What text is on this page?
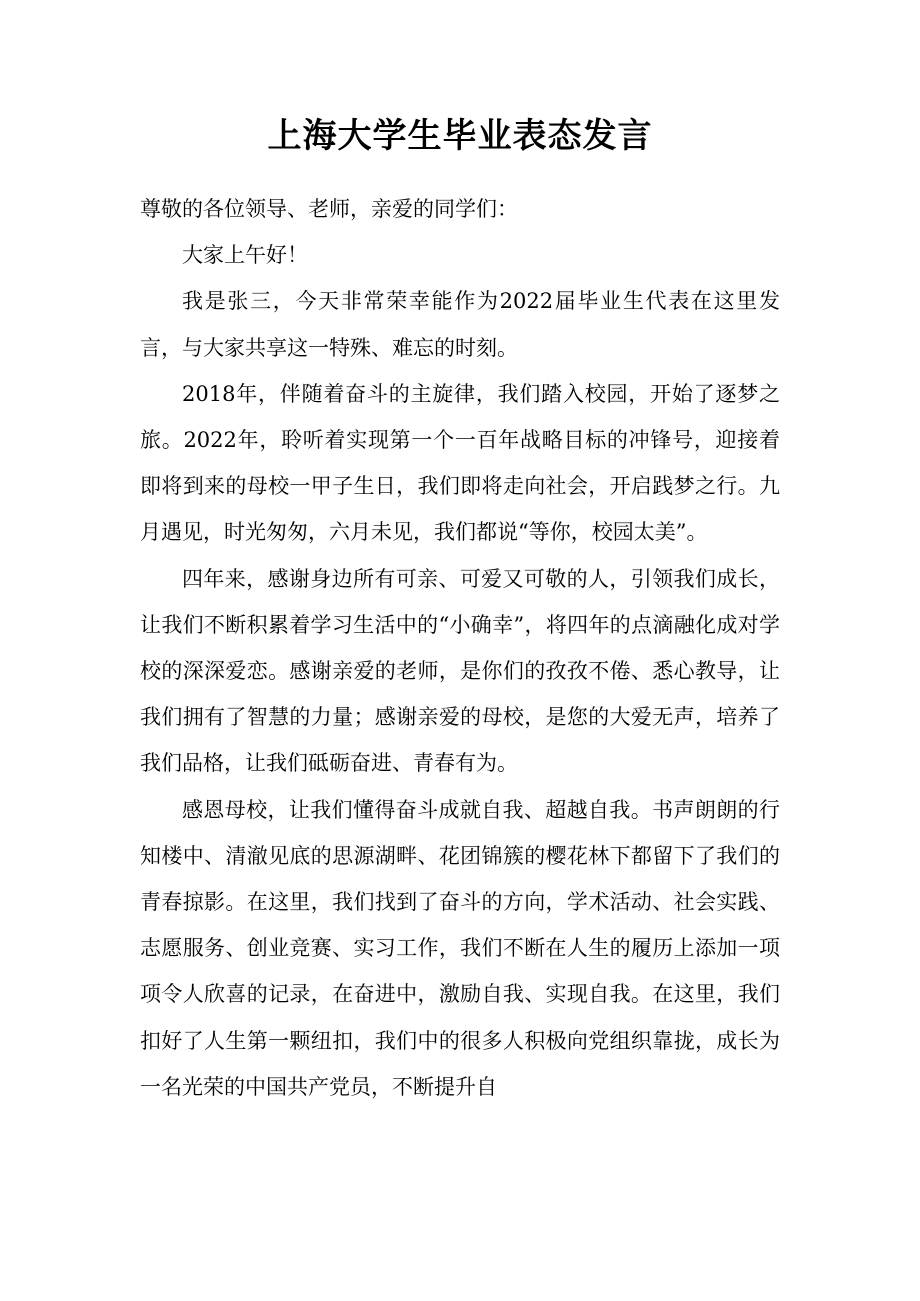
上海大学生毕业表态发言

尊敬的各位领导、老师，亲爱的同学们：

大家上午好！

我是张三，今天非常荣幸能作为2022届毕业生代表在这里发言，与大家共享这一特殊、难忘的时刻。

2018年，伴随着奋斗的主旋律，我们踏入校园，开始了逐梦之旅。2022年，聆听着实现第一个一百年战略目标的冲锋号，迎接着即将到来的母校一甲子生日，我们即将走向社会，开启践梦之行。九月遇见，时光匆匆，六月未见，我们都说“等你，校园太美”。

四年来，感谢身边所有可亲、可爱又可敬的人，引领我们成长，让我们不断积累着学习生活中的“小确幸”，将四年的点滴融化成对学校的深深爱恋。感谢亲爱的老师，是你们的孜孜不倦、悉心教导，让我们拥有了智慧的力量；感谢亲爱的母校，是您的大爱无声，培养了我们品格，让我们砥砺奋进、青春有为。

感恩母校，让我们懂得奋斗成就自我、超越自我。书声朗朗的行知楼中、清澈见底的思源湖畔、花团锦簇的樱花林下都留下了我们的青春掠影。在这里，我们找到了奋斗的方向，学术活动、社会实践、志愿服务、创业竞赛、实习工作，我们不断在人生的履历上添加一项项令人欣喜的记录，在奋进中，激励自我、实现自我。在这里，我们扣好了人生第一颗纽扣，我们中的很多人积极向党组织靠拢，成长为一名光荣的中国共产党员，不断提升自
